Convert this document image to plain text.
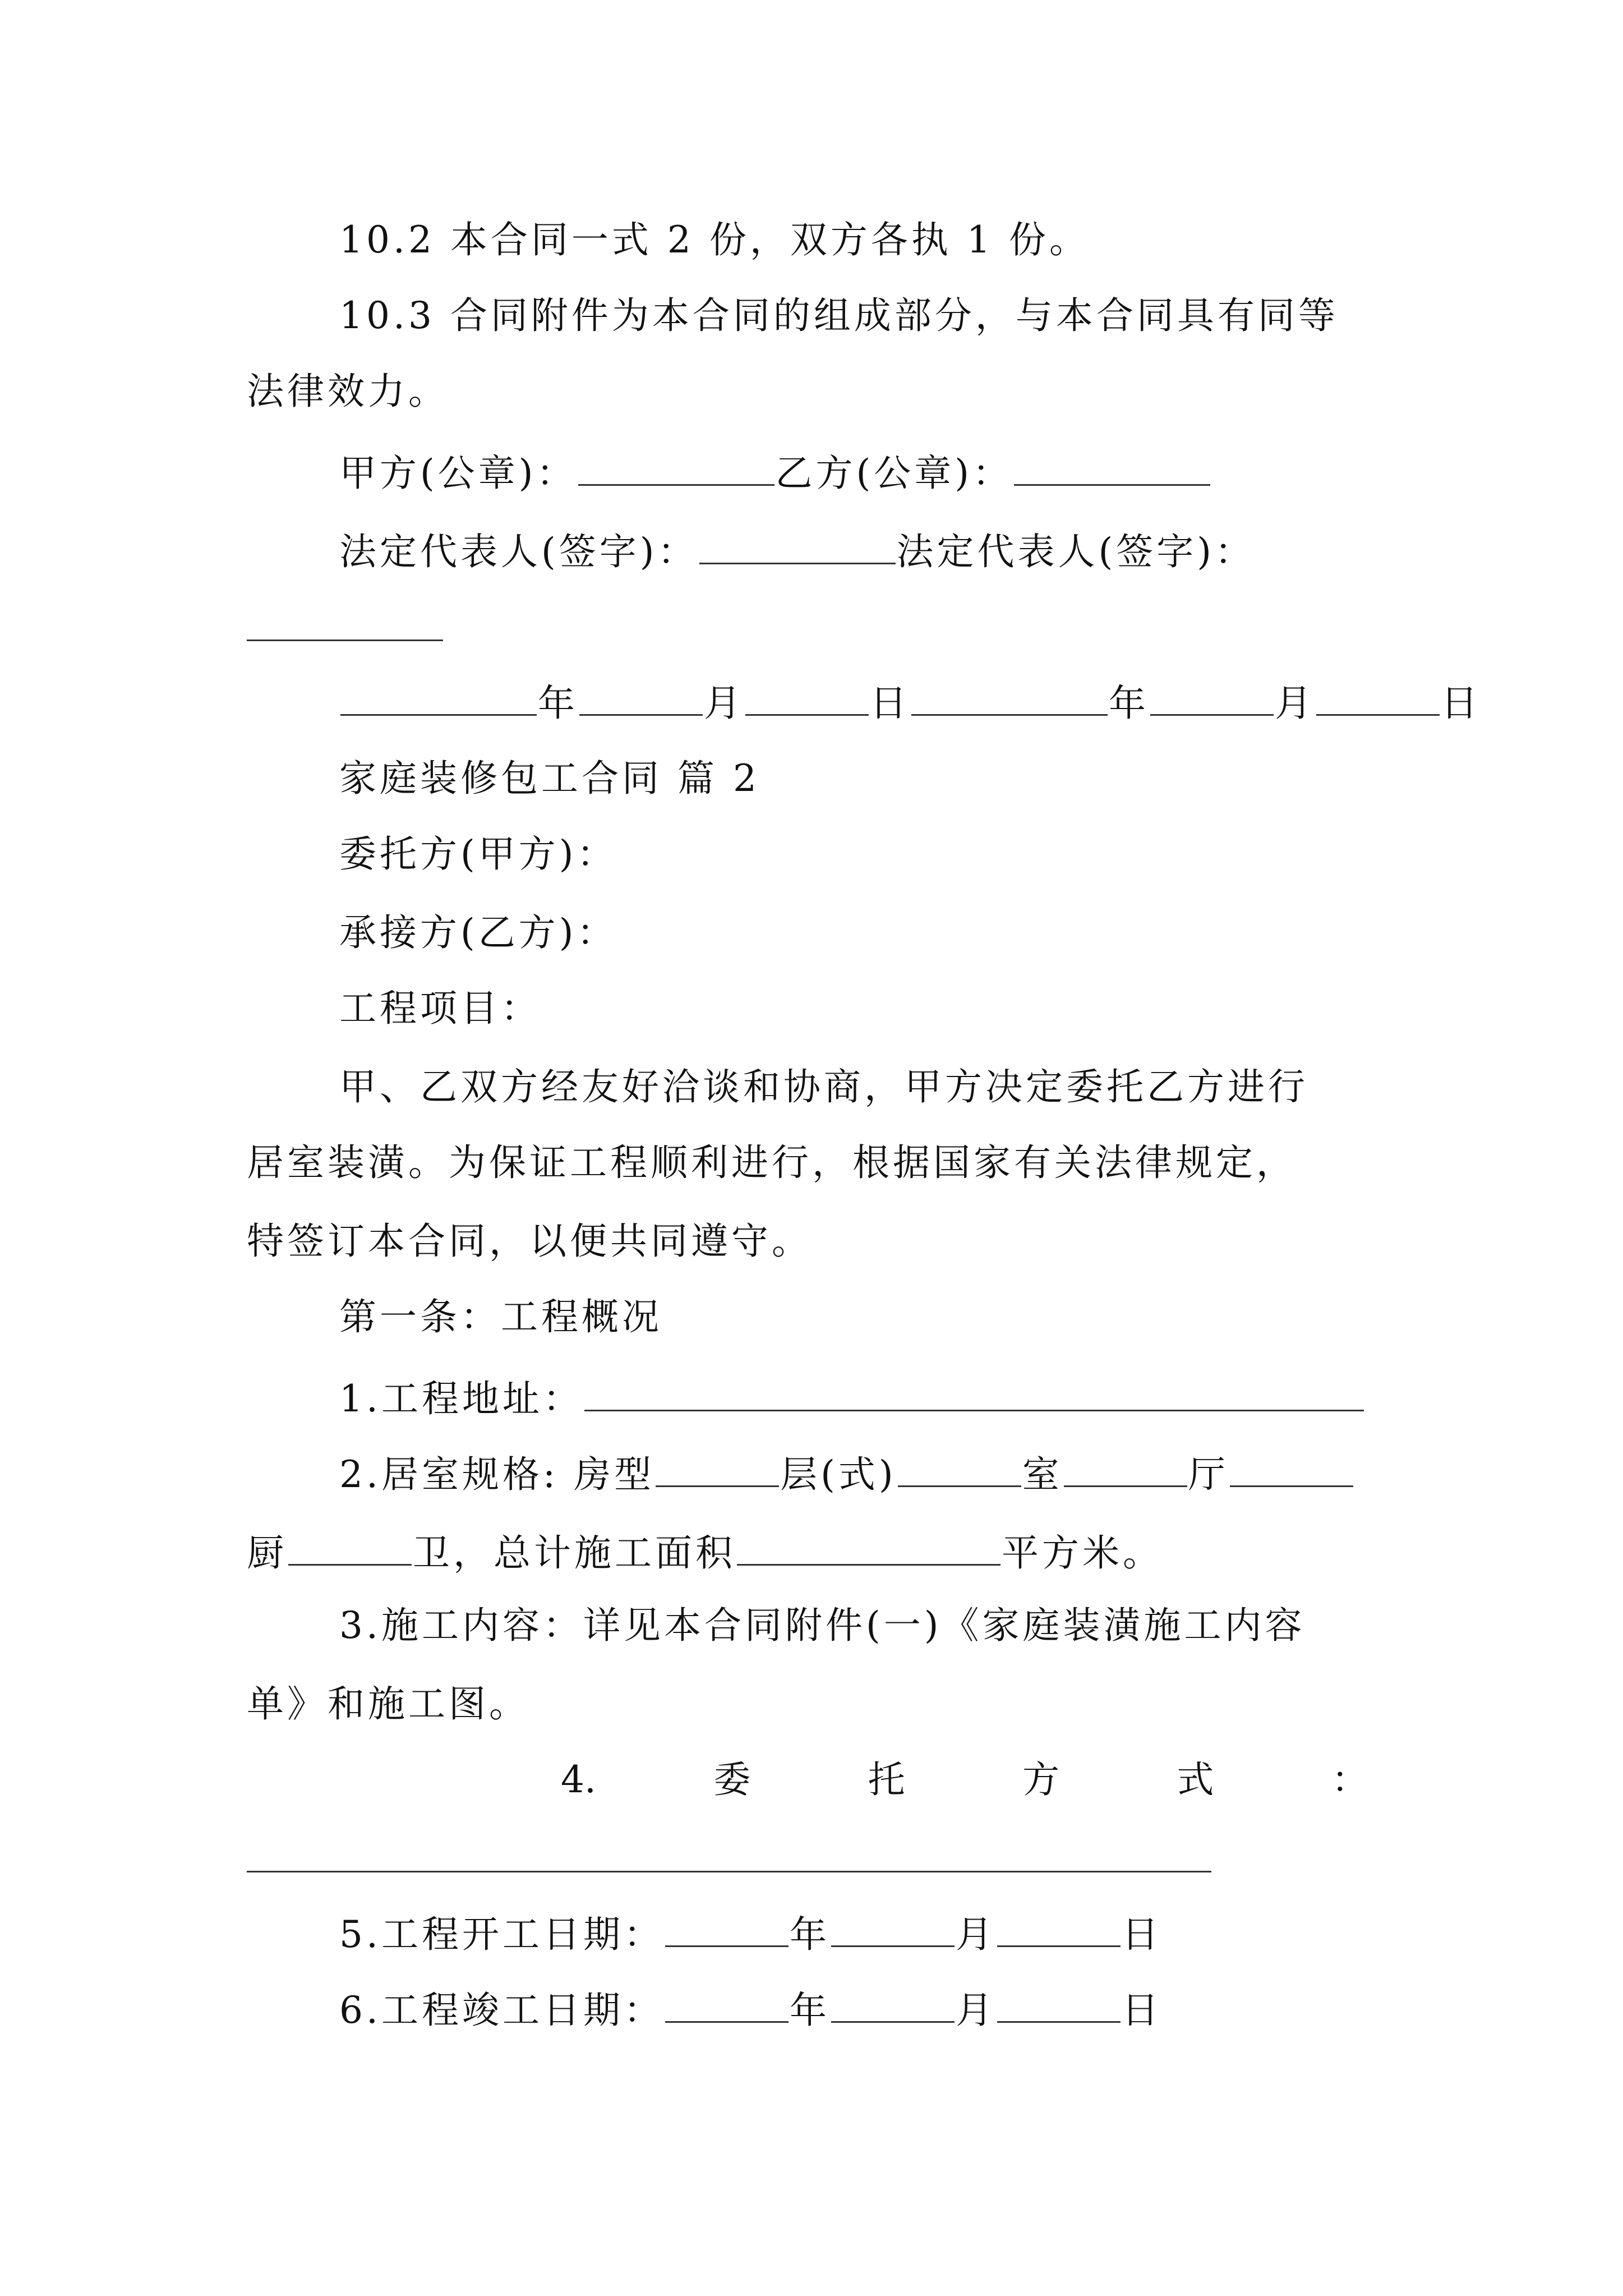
10.2 本合同一式 2 份，双方各执 1 份。
10.3 合同附件为本合同的组成部分，与本合同具有同等
法律效力。
甲方(公章)：	乙方(公章)：
法定代表人(签字)：	法定代表人(签字)：
年	月	日	年	月	日
家庭装修包工合同 篇 2
委托方(甲方)：
承接方(乙方)：
工程项目：
甲、乙双方经友好洽谈和协商，甲方决定委托乙方进行
居室装潢。为保证工程顺利进行，根据国家有关法律规定，
特签订本合同，以便共同遵守。
第一条：工程概况
1.工程地址：
2.居室规格: 房型	层(式)	室	厅
厨	卫，总计施工面积	平方米。
3.施工内容：详见本合同附件(一)《家庭装潢施工内容
单》和施工图。
4.	委	托	方	式	：
5.工程开工日期：	年	月	日
6.工程竣工日期：	年	月	日
